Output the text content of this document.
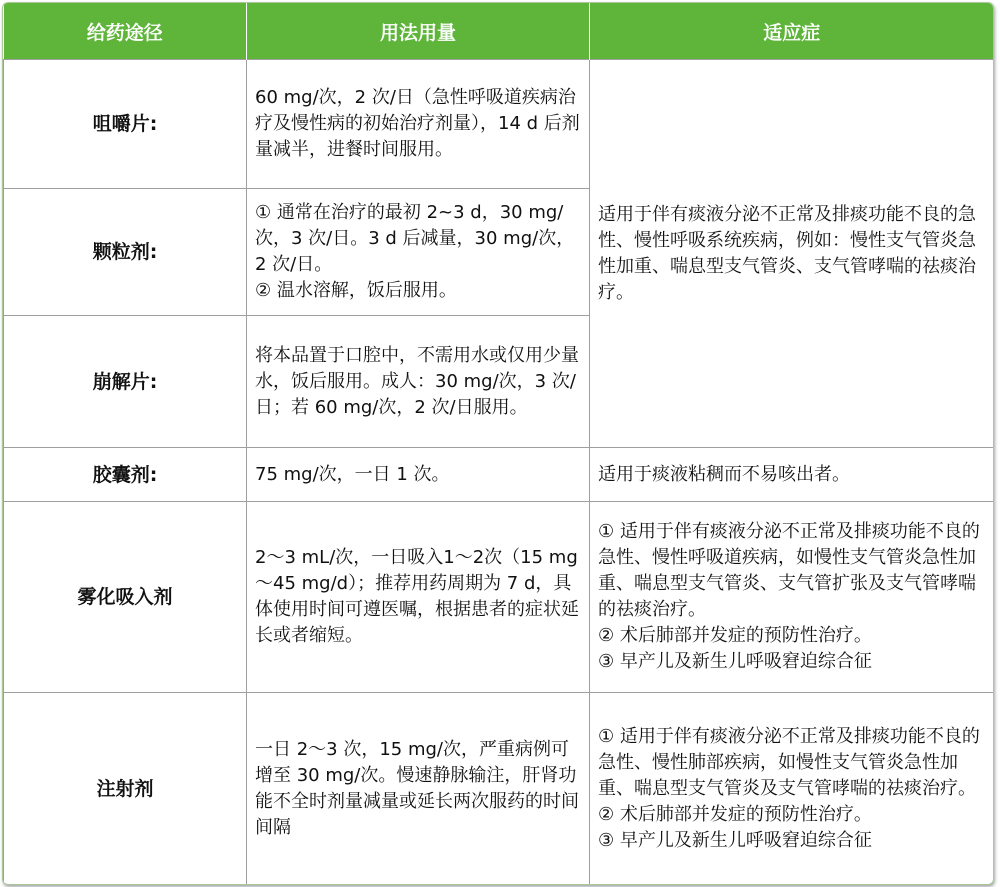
给药途径	用法用量	适应症
咀嚼片:	60 mg/次，2 次/日（急性呼吸道疾病治疗及慢性病的初始治疗剂量），14 d 后剂量减半，进餐时间服用。	适用于伴有痰液分泌不正常及排痰功能不良的急性、慢性呼吸系统疾病，例如：慢性支气管炎急性加重、喘息型支气管炎、支气管哮喘的祛痰治疗。
颗粒剂:	① 通常在治疗的最初 2~3 d，30 mg/次，3 次/日。3 d 后减量，30 mg/次，2 次/日。
② 温水溶解，饭后服用。	
崩解片:	将本品置于口腔中，不需用水或仅用少量水，饭后服用。成人：30 mg/次，3 次/日；若 60 mg/次，2 次/日服用。	
胶囊剂:	75 mg/次，一日 1 次。	适用于痰液粘稠而不易咳出者。
雾化吸入剂	2～3 mL/次，一日吸入1～2次（15 mg～45 mg/d）；推荐用药周期为 7 d，具体使用时间可遵医嘱，根据患者的症状延长或者缩短。	① 适用于伴有痰液分泌不正常及排痰功能不良的急性、慢性呼吸道疾病，如慢性支气管炎急性加重、喘息型支气管炎、支气管扩张及支气管哮喘的祛痰治疗。
② 术后肺部并发症的预防性治疗。
③ 早产儿及新生儿呼吸窘迫综合征
注射剂	一日 2～3 次，15 mg/次，严重病例可增至 30 mg/次。慢速静脉输注，肝肾功能不全时剂量减量或延长两次服药的时间间隔	① 适用于伴有痰液分泌不正常及排痰功能不良的急性、慢性肺部疾病，如慢性支气管炎急性加重、喘息型支气管炎及支气管哮喘的祛痰治疗。
② 术后肺部并发症的预防性治疗。
③ 早产儿及新生儿呼吸窘迫综合征
